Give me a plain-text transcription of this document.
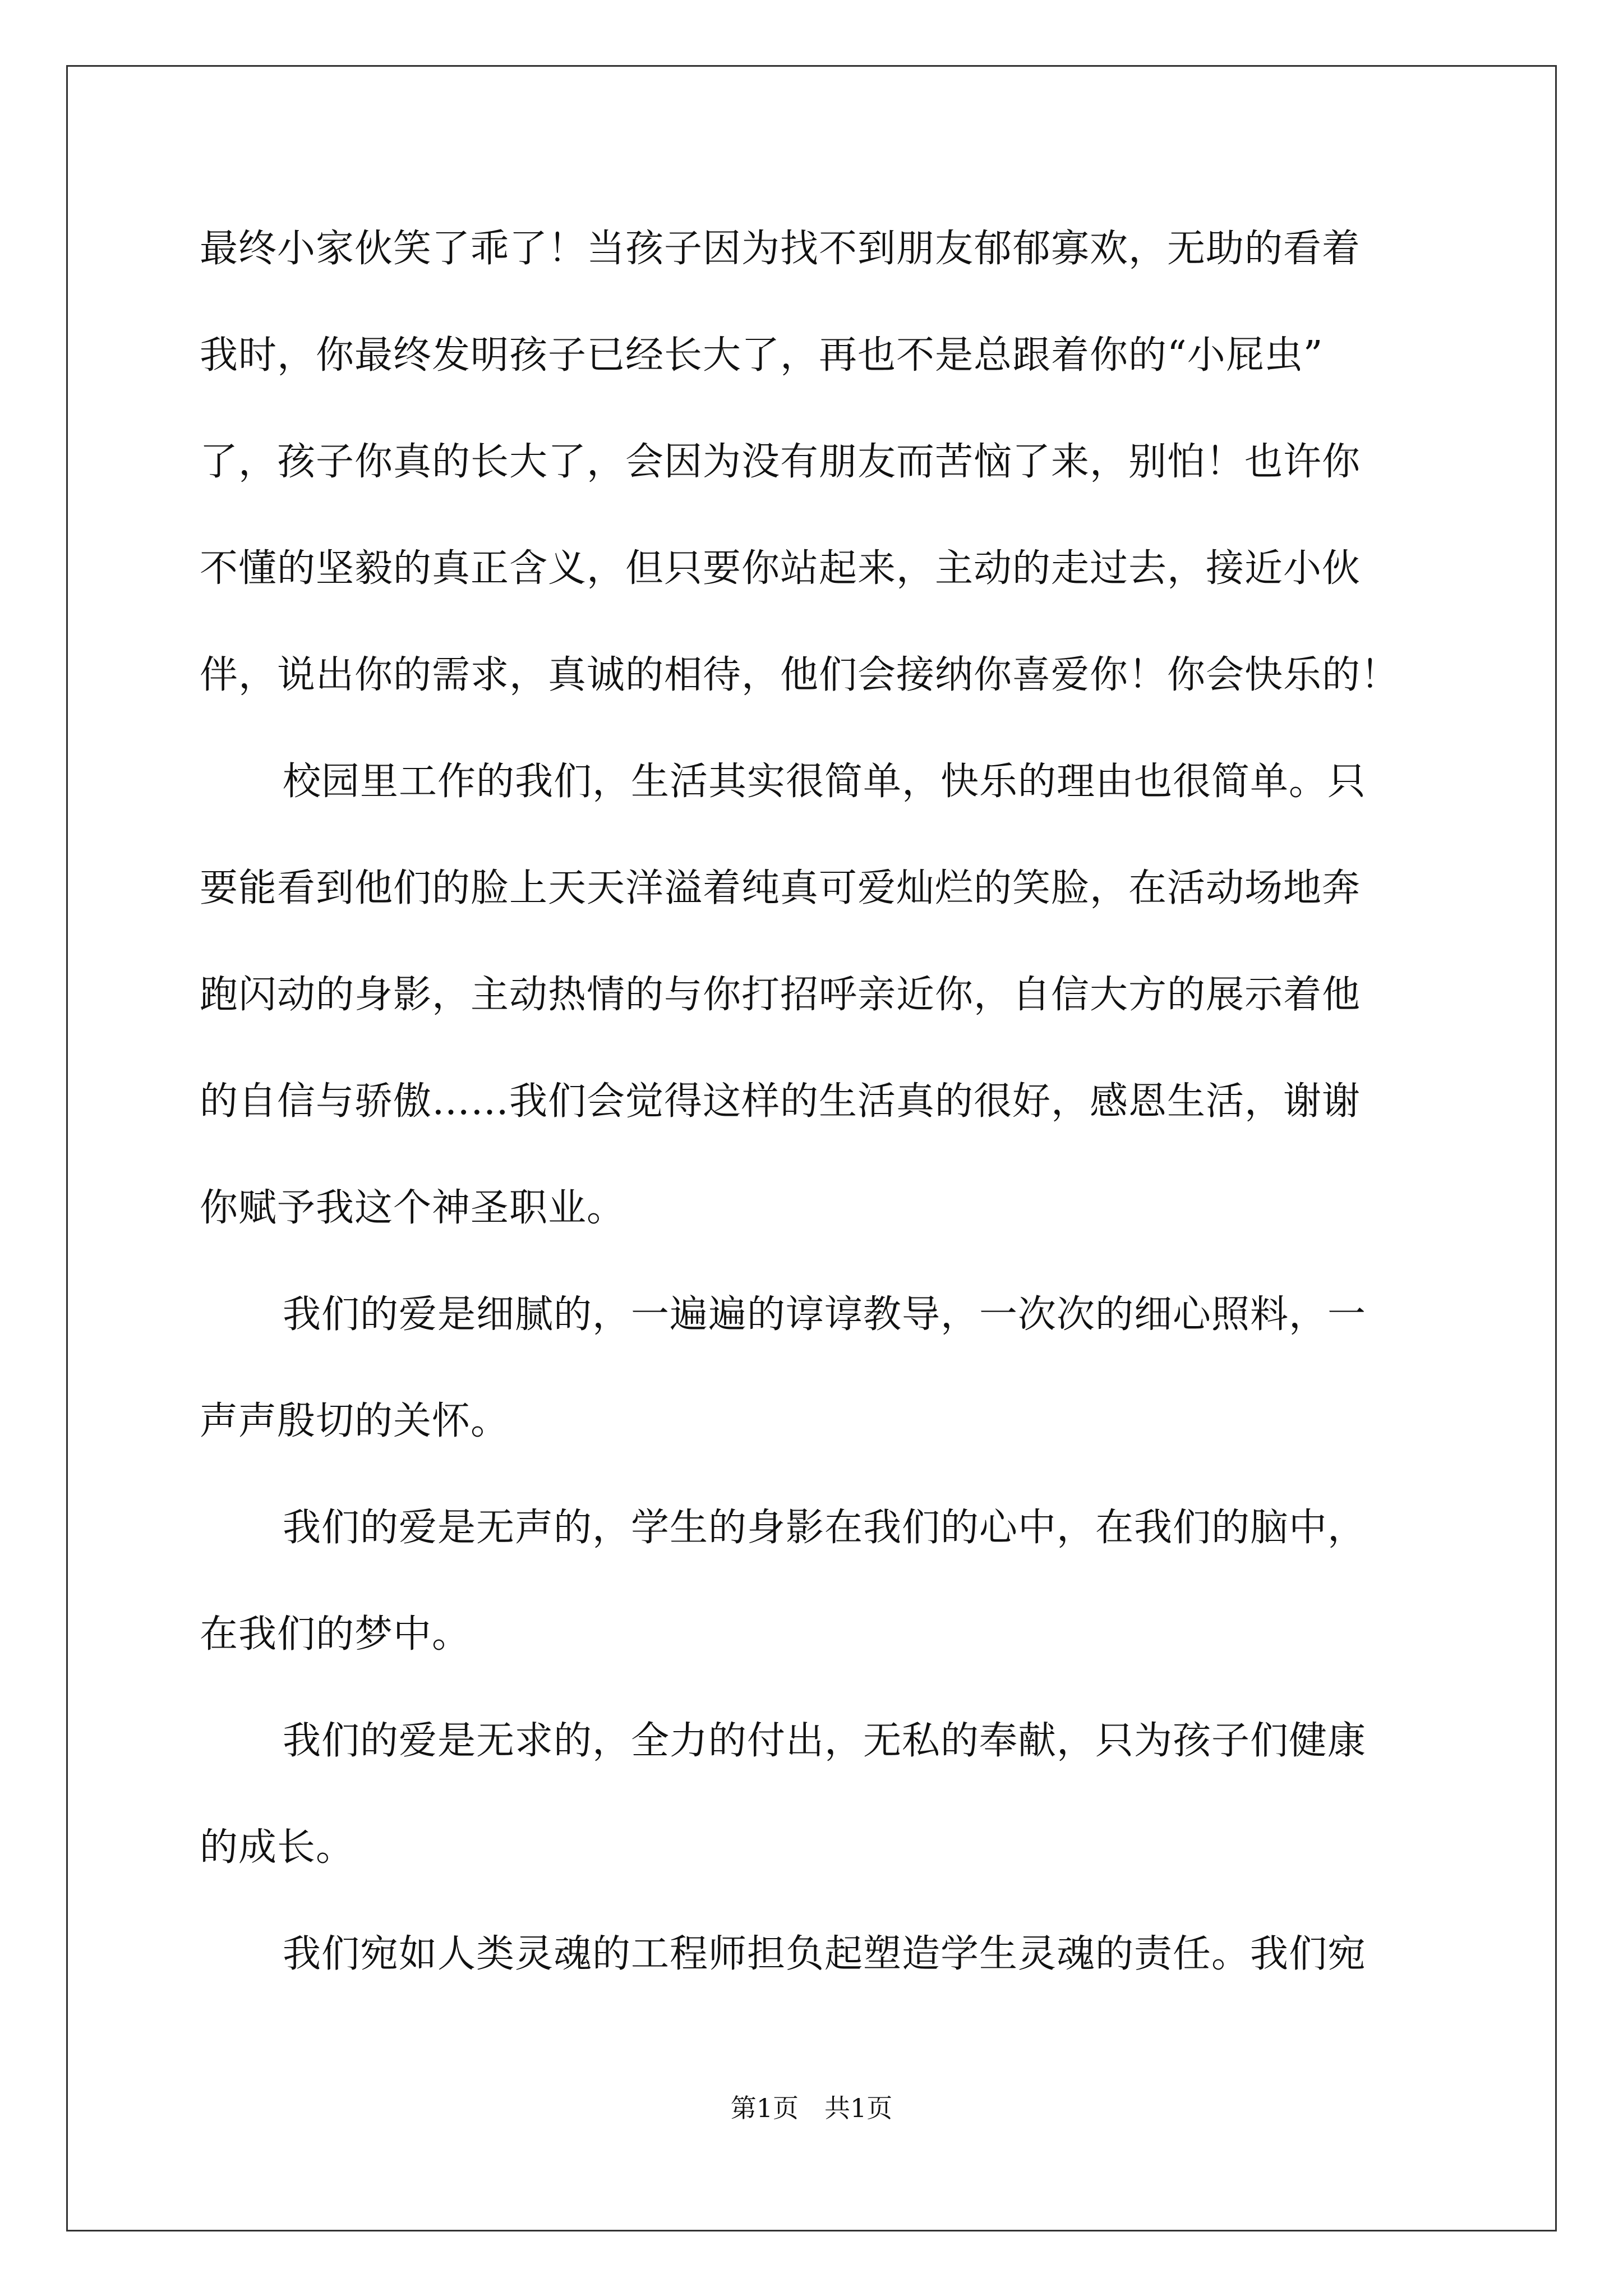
最终小家伙笑了乖了！当孩子因为找不到朋友郁郁寡欢，无助的看着
我时，你最终发明孩子已经长大了，再也不是总跟着你的“小屁虫”
了，孩子你真的长大了，会因为没有朋友而苦恼了来，别怕！也许你
不懂的坚毅的真正含义，但只要你站起来，主动的走过去，接近小伙
伴，说出你的需求，真诚的相待，他们会接纳你喜爱你！你会快乐的！
校园里工作的我们，生活其实很简单，快乐的理由也很简单。只
要能看到他们的脸上天天洋溢着纯真可爱灿烂的笑脸，在活动场地奔
跑闪动的身影，主动热情的与你打招呼亲近你，自信大方的展示着他
的自信与骄傲……我们会觉得这样的生活真的很好，感恩生活，谢谢
你赋予我这个神圣职业。
我们的爱是细腻的，一遍遍的谆谆教导，一次次的细心照料，一
声声殷切的关怀。
我们的爱是无声的，学生的身影在我们的心中，在我们的脑中，
在我们的梦中。
我们的爱是无求的，全力的付出，无私的奉献，只为孩子们健康
的成长。
我们宛如人类灵魂的工程师担负起塑造学生灵魂的责任。我们宛
第1页 共1页
